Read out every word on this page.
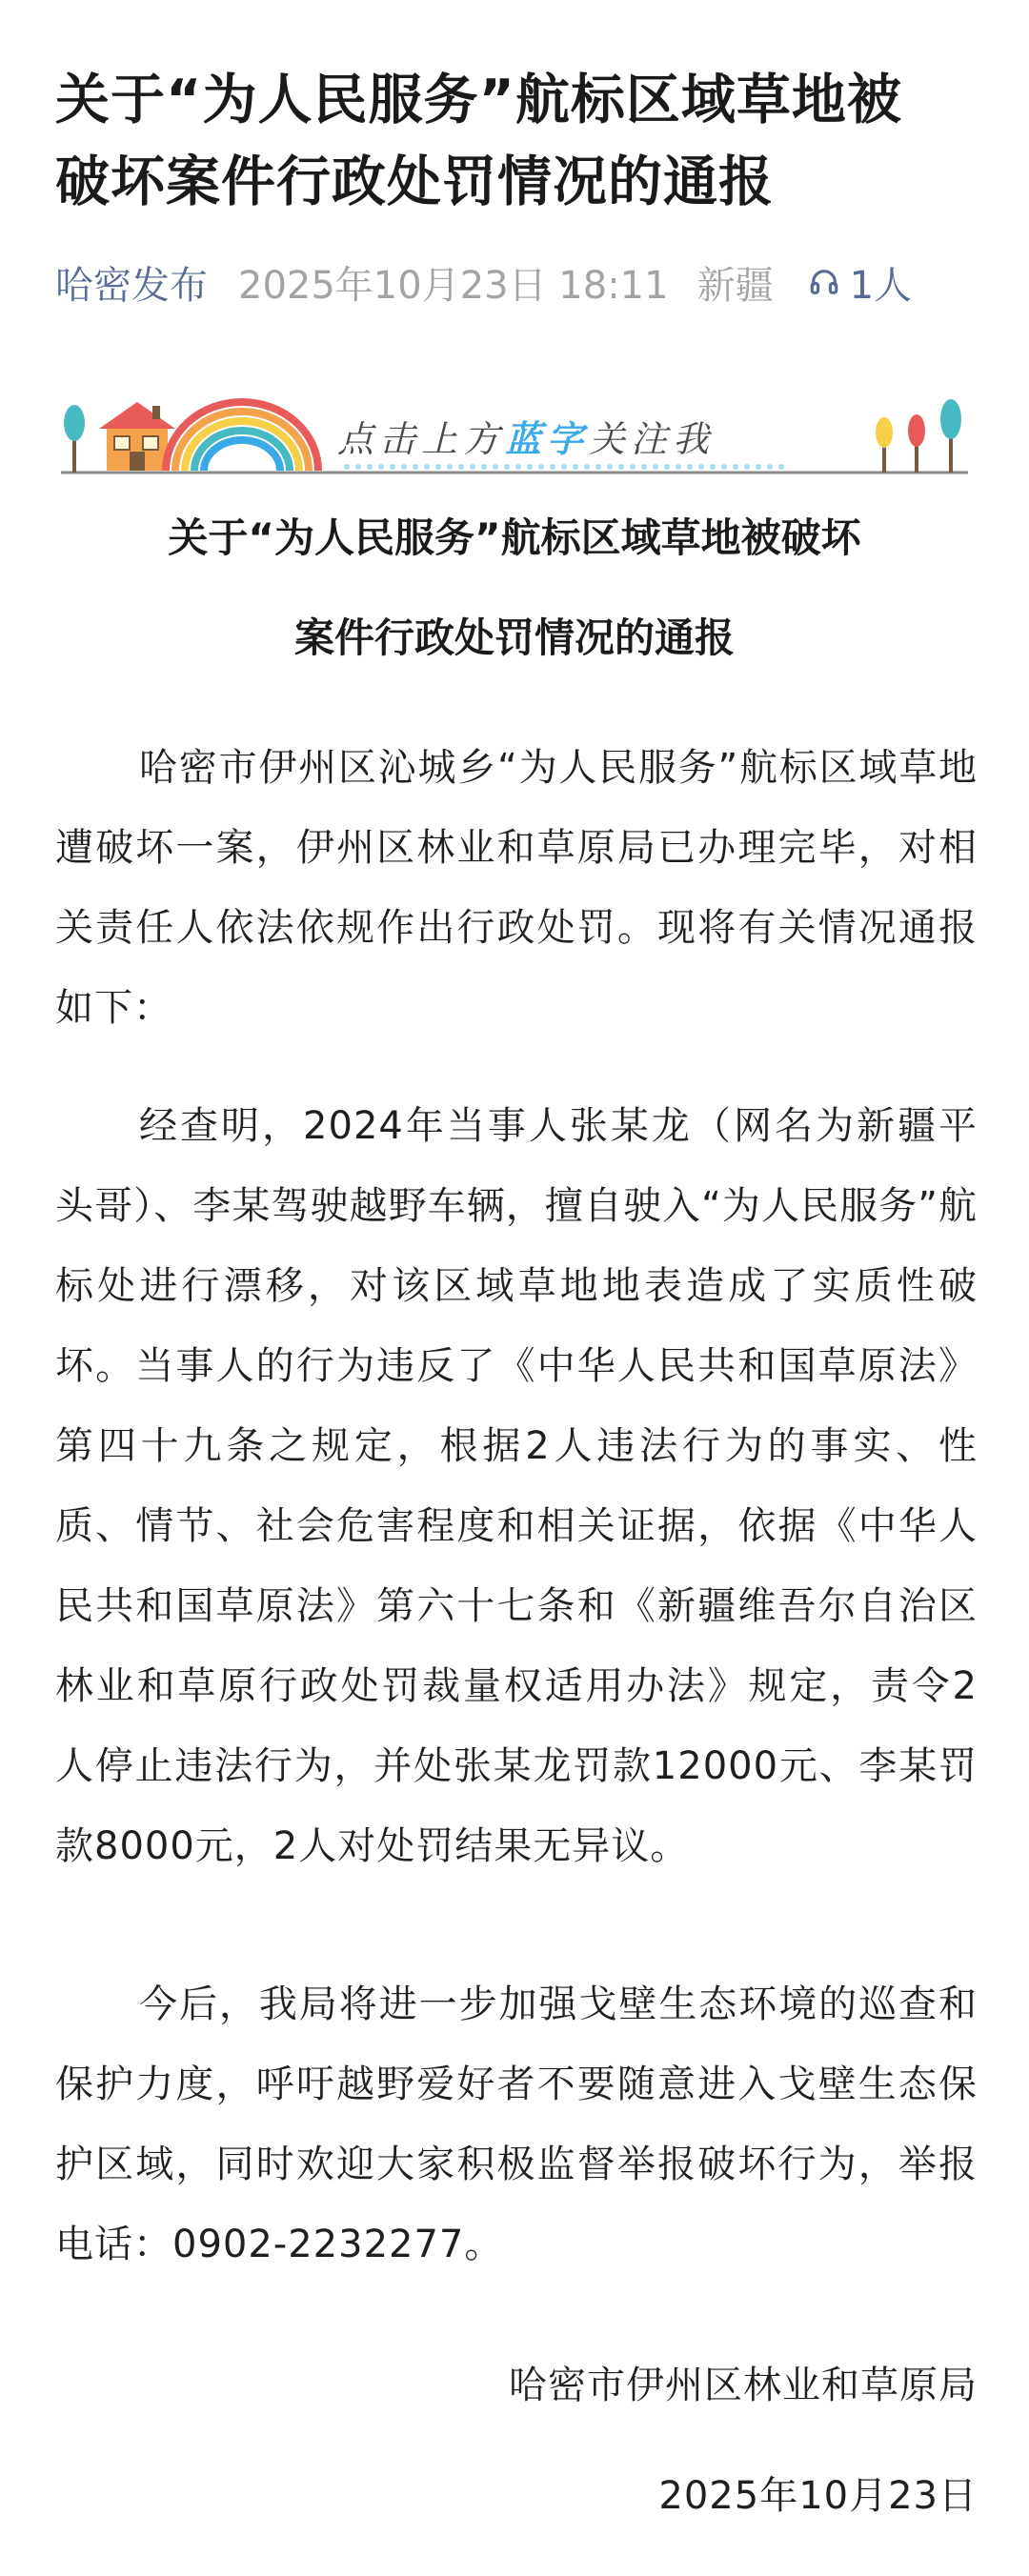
关于“为人民服务”航标区域草地被
破坏案件行政处罚情况的通报
哈密发布 2025年10月23日 18:11 新疆 1人
点击上方蓝字关注我
关于“为人民服务”航标区域草地被破坏
案件行政处罚情况的通报

哈密市伊州区沁城乡“为人民服务”航标区域草地遭破坏一案，伊州区林业和草原局已办理完毕，对相关责任人依法依规作出行政处罚。现将有关情况通报如下：

经查明，2024年当事人张某龙（网名为新疆平头哥）、李某驾驶越野车辆，擅自驶入“为人民服务”航标处进行漂移，对该区域草地地表造成了实质性破坏。当事人的行为违反了《中华人民共和国草原法》第四十九条之规定，根据2人违法行为的事实、性质、情节、社会危害程度和相关证据，依据《中华人民共和国草原法》第六十七条和《新疆维吾尔自治区林业和草原行政处罚裁量权适用办法》规定，责令2人停止违法行为，并处张某龙罚款12000元、李某罚款8000元，2人对处罚结果无异议。

今后，我局将进一步加强戈壁生态环境的巡查和保护力度，呼吁越野爱好者不要随意进入戈壁生态保护区域，同时欢迎大家积极监督举报破坏行为，举报电话：0902-2232277。

哈密市伊州区林业和草原局
2025年10月23日
